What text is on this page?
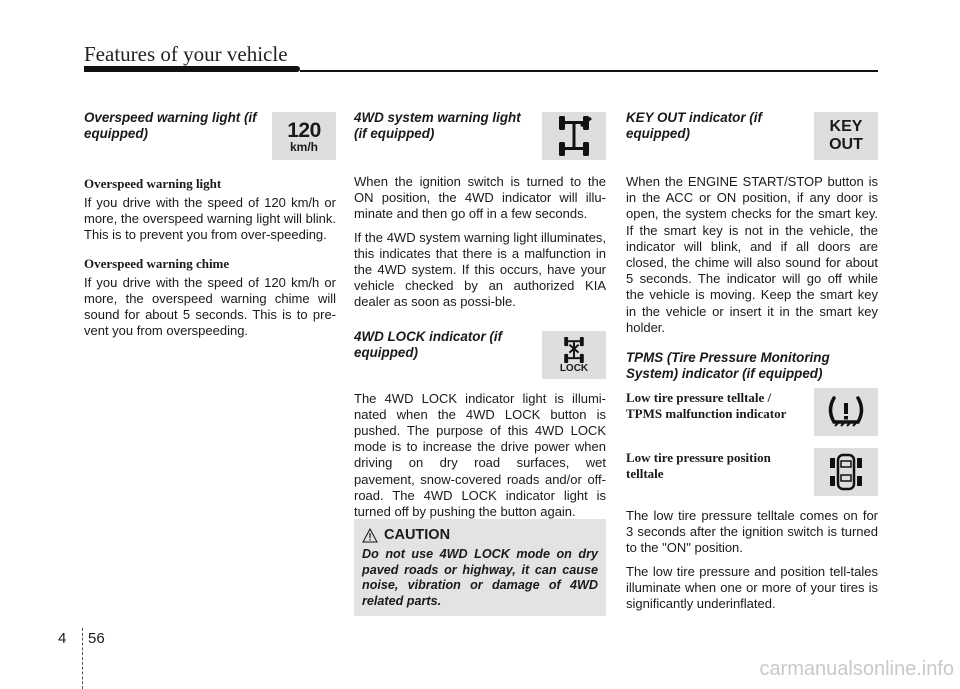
Features of your vehicle
Overspeed warning light (if equipped)	120
km/h
Overspeed warning light

If you drive with the speed of 120 km/h or more, the overspeed warning light will blink. This is to prevent you from over-speeding.

Overspeed warning chime

If you drive with the speed of 120 km/h or more, the overspeed warning chime will sound for about 5 seconds. This is to pre-vent you from overspeeding.

4WD system warning light (if equipped)

When the ignition switch is turned to the ON position, the 4WD indicator will illu-minate and then go off in a few seconds.

If the 4WD system warning light illuminates, this indicates that there is a malfunction in the 4WD system. If this occurs, have your vehicle checked by an authorized KIA dealer as soon as possi-ble.

4WD LOCK indicator (if equipped)
LOCK

The 4WD LOCK indicator light is illumi-nated when the 4WD LOCK button is pushed. The purpose of this 4WD LOCK mode is to increase the drive power when driving on dry road surfaces, wet pavement, snow-covered roads and/or off-road. The 4WD LOCK indicator light is turned off by pushing the button again.

CAUTION
Do not use 4WD LOCK mode on dry paved roads or highway, it can cause noise, vibration or damage of 4WD related parts.
KEY OUT indicator (if equipped)	KEY
OUT

When the ENGINE START/STOP button is in the ACC or ON position, if any door is open, the system checks for the smart key. If the smart key is not in the vehicle, the indicator will blink, and if all doors are closed, the chime will also sound for about 5 seconds. The indicator will go off while the vehicle is moving. Keep the smart key in the vehicle or insert it in the smart key holder.

TPMS (Tire Pressure Monitoring System) indicator (if equipped)
Low tire pressure telltale / TPMS malfunction indicator
Low tire pressure position telltale

The low tire pressure telltale comes on for 3 seconds after the ignition switch is turned to the "ON" position.

The low tire pressure and position tell-tales illuminate when one or more of your tires is significantly underinflated.

4 56
carmanualsonline.info
